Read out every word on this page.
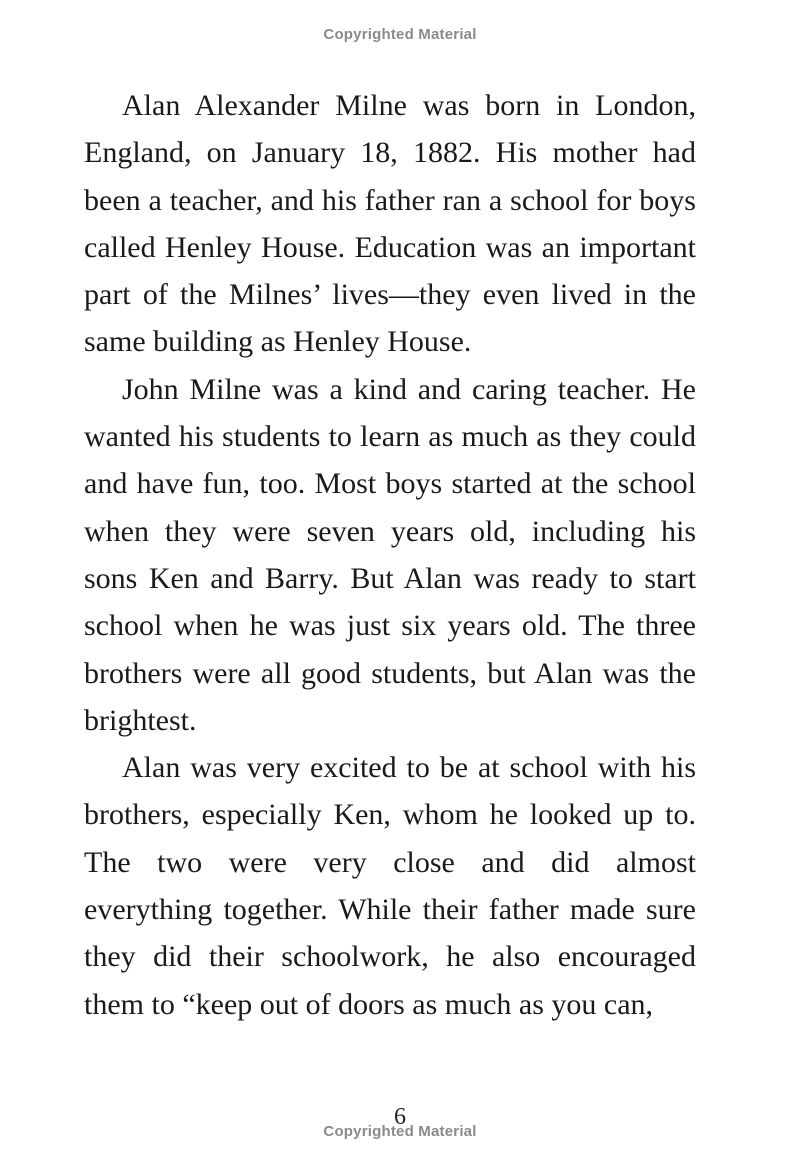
Copyrighted Material

Alan Alexander Milne was born in London, England, on January 18, 1882. His mother had been a teacher, and his father ran a school for boys called Henley House. Education was an important part of the Milnes’ lives—they even lived in the same building as Henley House.

John Milne was a kind and caring teacher. He wanted his students to learn as much as they could and have fun, too. Most boys started at the school when they were seven years old, including his sons Ken and Barry. But Alan was ready to start school when he was just six years old. The three brothers were all good students, but Alan was the brightest.

Alan was very excited to be at school with his brothers, especially Ken, whom he looked up to. The two were very close and did almost everything together. While their father made sure they did their schoolwork, he also encouraged them to “keep out of doors as much as you can,

6
Copyrighted Material
